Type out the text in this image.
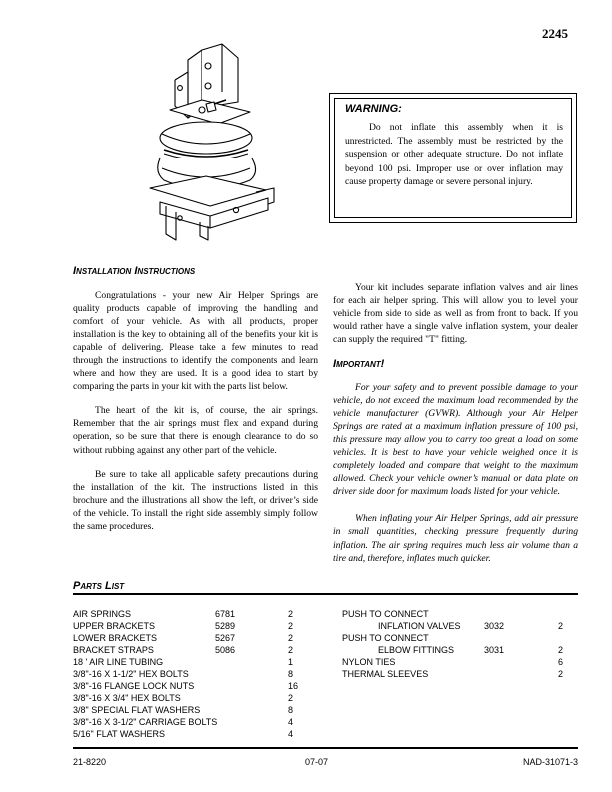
2245
WARNING:
Do not inflate this assembly when it is unrestricted. The assembly must be restricted by the suspension or other adequate structure. Do not inflate beyond 100 psi. Improper use or over inflation may cause property damage or severe personal injury.
Installation Instructions

Congratulations - your new Air Helper Springs are quality products capable of improving the handling and comfort of your vehicle. As with all products, proper installation is the key to obtaining all of the benefits your kit is capable of delivering. Please take a few minutes to read through the instructions to identify the components and learn where and how they are used. It is a good idea to start by comparing the parts in your kit with the parts list below.

The heart of the kit is, of course, the air springs. Remember that the air springs must flex and expand during operation, so be sure that there is enough clearance to do so without rubbing against any other part of the vehicle.

Be sure to take all applicable safety precautions during the installation of the kit. The instructions listed in this brochure and the illustrations all show the left, or driver’s side of the vehicle. To install the right side assembly simply follow the same procedures.

Your kit includes separate inflation valves and air lines for each air helper spring. This will allow you to level your vehicle from side to side as well as from front to back. If you would rather have a single valve inflation system, your dealer can supply the required "T" fitting.

Important!

For your safety and to prevent possible damage to your vehicle, do not exceed the maximum load recommended by the vehicle manufacturer (GVWR). Although your Air Helper Springs are rated at a maximum inflation pressure of 100 psi, this pressure may allow you to carry too great a load on some vehicles. It is best to have your vehicle weighed once it is completely loaded and compare that weight to the maximum allowed. Check your vehicle owner’s manual or data plate on driver side door for maximum loads listed for your vehicle.

When inflating your Air Helper Springs, add air pressure in small quantities, checking pressure frequently during inflation. The air spring requires much less air volume than a tire and, therefore, inflates much quicker.

Parts List
AIR SPRINGS	6781	2
UPPER BRACKETS	5289	2
LOWER BRACKETS	5267	2
BRACKET STRAPS	5086	2
18 ' AIR LINE TUBING	1
3/8"-16 X 1-1/2" HEX BOLTS	8
3/8"-16 FLANGE LOCK NUTS	16
3/8"-16 X 3/4" HEX BOLTS	2
3/8" SPECIAL FLAT WASHERS	8
3/8"-16 X 3-1/2" CARRIAGE BOLTS	4
5/16" FLAT WASHERS	4
PUSH TO CONNECT
INFLATION VALVES	3032	2
PUSH TO CONNECT
ELBOW FITTINGS	3031	2
NYLON TIES	6
THERMAL SLEEVES	2
21-8220	07-07	NAD-31071-3
